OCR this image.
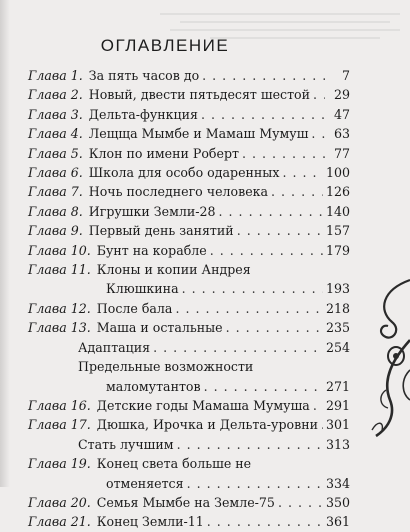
ОГЛАВЛЕНИЕ
Глава 1. За пять часов до . . .	7
Глава 2. Новый, двести пятьдесят шестой . . .	29
Глава 3. Дельта-функция . . .	47
Глава 4. Лещща Мымбе и Мамаш Мумуш . . .	63
Глава 5. Клон по имени Роберт . . .	77
Глава 6. Школа для особо одаренных . . .	100
Глава 7. Ночь последнего человека . . .	126
Глава 8. Игрушки Земли-28 . . .	140
Глава 9. Первый день занятий . . .	157
Глава 10. Бунт на корабле . . .	179
Глава 11. Клоны и копии Андрея
Клюшкина . . .	193
Глава 12. После бала . . .	218
Глава 13. Маша и остальные . . .	235
Адаптация . . .	254
Предельные возможности
маломутантов . . .	271
Глава 16. Детские годы Мамаша Мумуша . . . 291
Глава 17. Дюшка, Ирочка и Дельта-уровни . . . 301
Стать лучшим . . .	313
Глава 19. Конец света больше не
отменяется . . .	334
Глава 20. Семья Мымбе на Земле-75 . . .	350
Глава 21. Конец Земли-11 . . .	361
